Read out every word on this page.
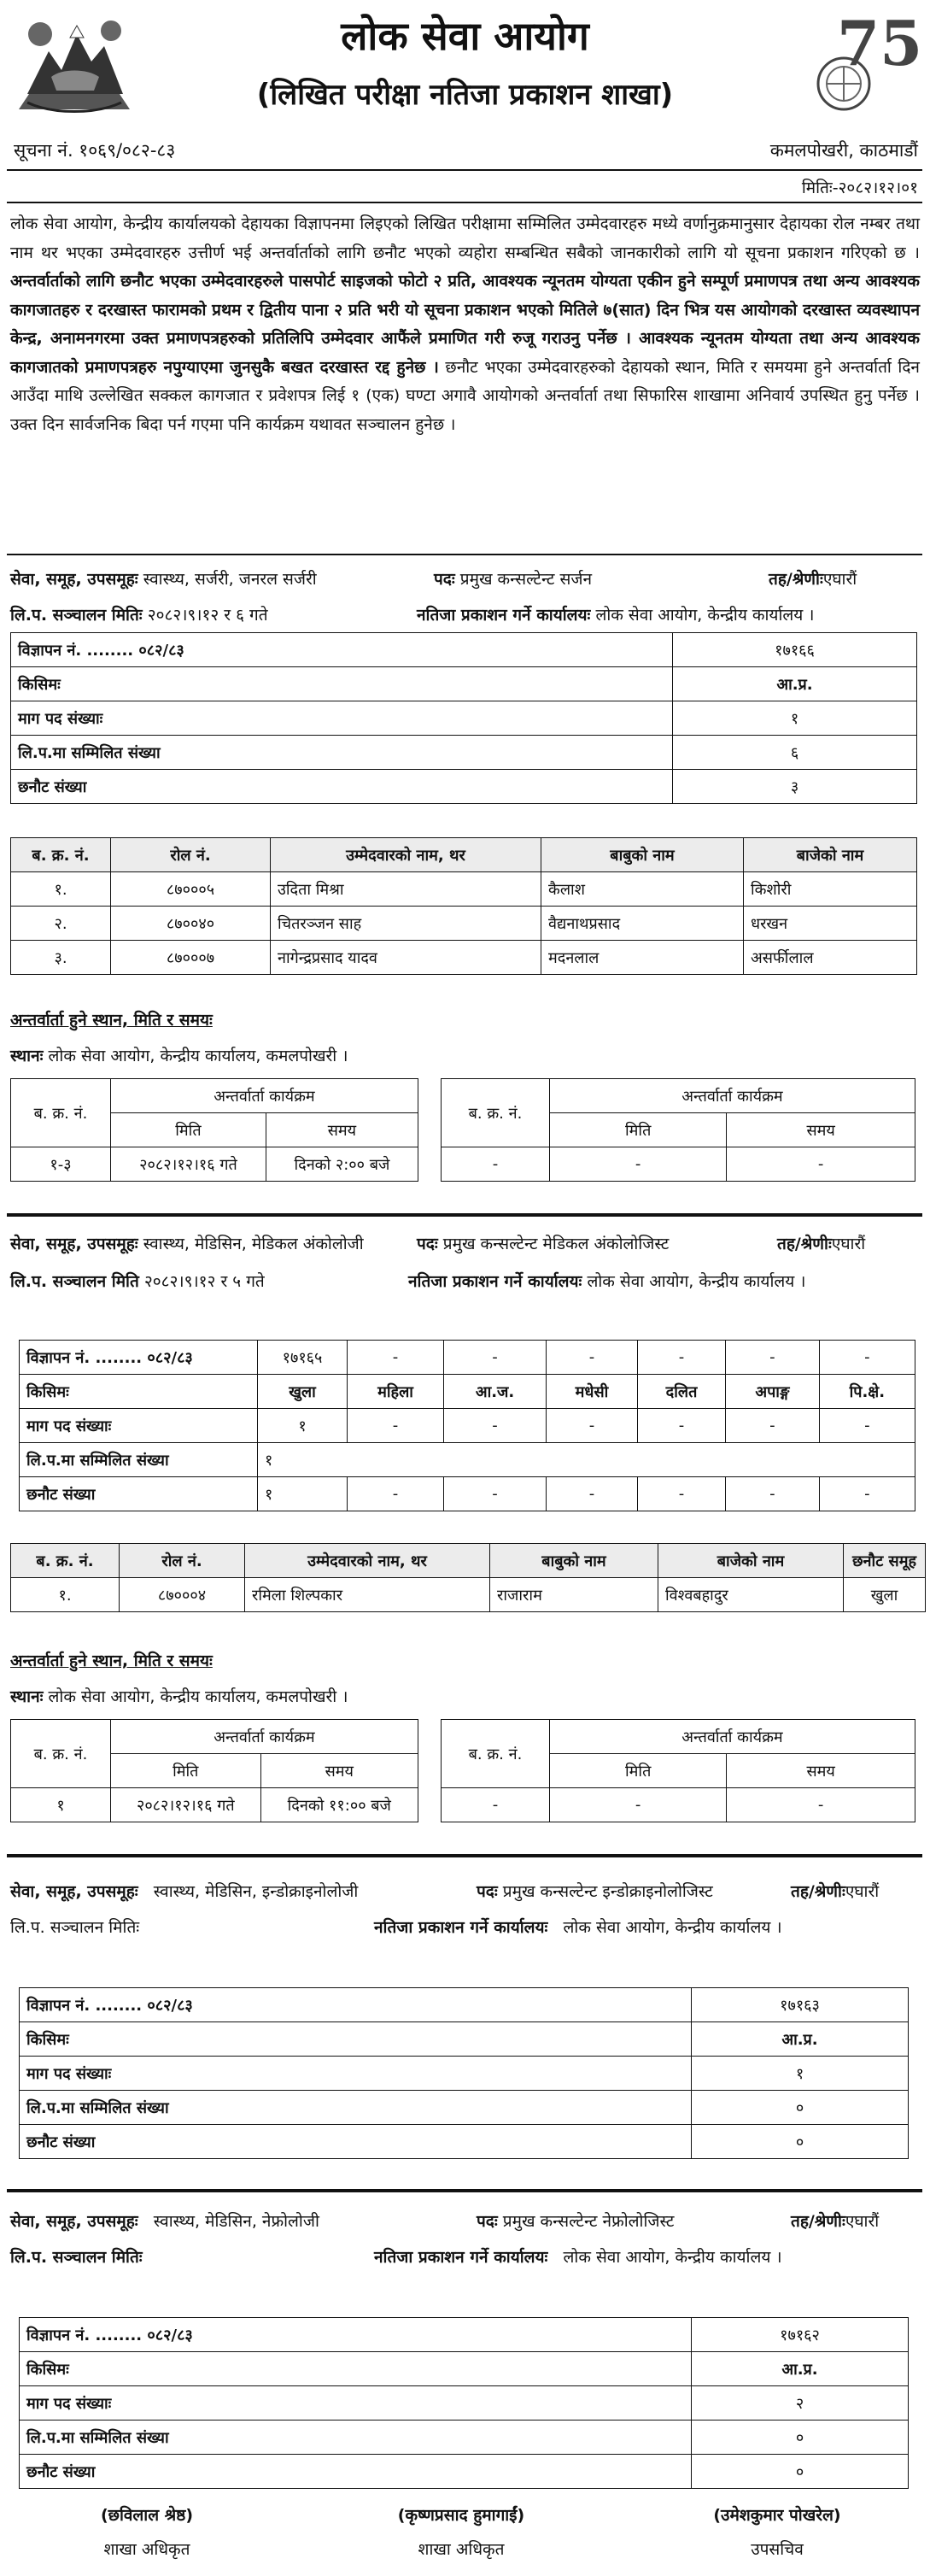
लोक सेवा आयोग
(लिखित परीक्षा नतिजा प्रकाशन शाखा)
75
सूचना नं. १०६९/०८२-८३	कमलपोखरी, काठमाडौं
मितिः-२०८२।१२।०१
लोक सेवा आयोग, केन्द्रीय कार्यालयको देहायका विज्ञापनमा लिइएको लिखित परीक्षामा सम्मिलित उम्मेदवारहरु मध्ये वर्णानुक्रमानुसार देहायका रोल नम्बर तथा नाम थर भएका उम्मेदवारहरु उत्तीर्ण भई अन्तर्वार्ताको लागि छनौट भएको व्यहोरा सम्बन्धित सबैको जानकारीको लागि यो सूचना प्रकाशन गरिएको छ । अन्तर्वार्ताको लागि छनौट भएका उम्मेदवारहरुले पासपोर्ट साइजको फोटो २ प्रति, आवश्यक न्यूनतम योग्यता एकीन हुने सम्पूर्ण प्रमाणपत्र तथा अन्य आवश्यक कागजातहरु र दरखास्त फारामको प्रथम र द्वितीय पाना २ प्रति भरी यो सूचना प्रकाशन भएको मितिले ७(सात) दिन भित्र यस आयोगको दरखास्त व्यवस्थापन केन्द्र, अनामनगरमा उक्त प्रमाणपत्रहरुको प्रतिलिपि उम्मेदवार आफैंले प्रमाणित गरी रुजू गराउनु पर्नेछ । आवश्यक न्यूनतम योग्यता तथा अन्य आवश्यक कागजातको प्रमाणपत्रहरु नपुग्याएमा जुनसुकै बखत दरखास्त रद्द हुनेछ । छनौट भएका उम्मेदवारहरुको देहायको स्थान, मिति र समयमा हुने अन्तर्वार्ता दिन आउँदा माथि उल्लेखित सक्कल कागजात र प्रवेशपत्र लिई १ (एक) घण्टा अगावै आयोगको अन्तर्वार्ता तथा सिफारिस शाखामा अनिवार्य उपस्थित हुनु पर्नेछ । उक्त दिन सार्वजनिक बिदा पर्न गएमा पनि कार्यक्रम यथावत सञ्चालन हुनेछ ।
सेवा, समूह, उपसमूहः स्वास्थ्य, सर्जरी, जनरल सर्जरी	पदः प्रमुख कन्सल्टेन्ट सर्जन	तह/श्रेणीःएघारौं
लि.प. सञ्चालन मितिः २०८२।९।१२ र ६ गते	नतिजा प्रकाशन गर्ने कार्यालयः लोक सेवा आयोग, केन्द्रीय कार्यालय ।
विज्ञापन नं. ........ ०८२/८३	१७१६६
किसिमः	आ.प्र.
माग पद संख्याः	१
लि.प.मा सम्मिलित संख्या	६
छनौट संख्या	३
ब. क्र. नं.	रोल नं.	उम्मेदवारको नाम, थर	बाबुको नाम	बाजेको नाम
१.	८७०००५	उदिता मिश्रा	कैलाश	किशोरी
२.	८७००४०	चितरञ्जन साह	वैद्यनाथप्रसाद	धरखन
३.	८७०००७	नागेन्द्रप्रसाद यादव	मदनलाल	असर्फीलाल
अन्तर्वार्ता हुने स्थान, मिति र समयः
स्थानः लोक सेवा आयोग, केन्द्रीय कार्यालय, कमलपोखरी ।
ब. क्र. नं.	अन्तर्वार्ता कार्यक्रम	
	मिति	समय
१-३	२०८२।१२।१६ गते	दिनको २:०० बजे
ब. क्र. नं.	अन्तर्वार्ता कार्यक्रम	
	मिति	समय
-	-	-
सेवा, समूह, उपसमूहः स्वास्थ्य, मेडिसिन, मेडिकल अंकोलोजी	पदः प्रमुख कन्सल्टेन्ट मेडिकल अंकोलोजिस्ट	तह/श्रेणीःएघारौं
लि.प. सञ्चालन मिति २०८२।९।१२ र ५ गते	नतिजा प्रकाशन गर्ने कार्यालयः लोक सेवा आयोग, केन्द्रीय कार्यालय ।
विज्ञापन नं. ........ ०८२/८३	१७१६५	-	-	-	-	-	-
किसिमः	खुला	महिला	आ.ज.	मधेसी	दलित	अपाङ्ग	पि.क्षे.
माग पद संख्याः	१	-	-	-	-	-	-
लि.प.मा सम्मिलित संख्या	१						
छनौट संख्या	१	-	-	-	-	-	-
ब. क्र. नं.	रोल नं.	उम्मेदवारको नाम, थर	बाबुको नाम	बाजेको नाम	छनौट समूह
१.	८७०००४	रमिला शिल्पकार	राजाराम	विश्वबहादुर	खुला
अन्तर्वार्ता हुने स्थान, मिति र समयः
स्थानः लोक सेवा आयोग, केन्द्रीय कार्यालय, कमलपोखरी ।
ब. क्र. नं.	अन्तर्वार्ता कार्यक्रम	
	मिति	समय
१	२०८२।१२।१६ गते	दिनको ११:०० बजे
ब. क्र. नं.	अन्तर्वार्ता कार्यक्रम	
	मिति	समय
-	-	-
सेवा, समूह, उपसमूहः स्वास्थ्य, मेडिसिन, इन्डोक्राइनोलोजी	पदः प्रमुख कन्सल्टेन्ट इन्डोक्राइनोलोजिस्ट	तह/श्रेणीःएघारौं
लि.प. सञ्चालन मितिः	नतिजा प्रकाशन गर्ने कार्यालयः लोक सेवा आयोग, केन्द्रीय कार्यालय ।
विज्ञापन नं. ........ ०८२/८३	१७१६३
किसिमः	आ.प्र.
माग पद संख्याः	१
लि.प.मा सम्मिलित संख्या	०
छनौट संख्या	०
सेवा, समूह, उपसमूहः स्वास्थ्य, मेडिसिन, नेफ्रोलोजी	पदः प्रमुख कन्सल्टेन्ट नेफ्रोलोजिस्ट	तह/श्रेणीःएघारौं
लि.प. सञ्चालन मितिः	नतिजा प्रकाशन गर्ने कार्यालयः लोक सेवा आयोग, केन्द्रीय कार्यालय ।
विज्ञापन नं. ........ ०८२/८३	१७१६२
किसिमः	आ.प्र.
माग पद संख्याः	२
लि.प.मा सम्मिलित संख्या	०
छनौट संख्या	०
(छविलाल श्रेष्ठ)
शाखा अधिकृत
(कृष्णप्रसाद हुमागाईं)
शाखा अधिकृत
(उमेशकुमार पोखरेल)
उपसचिव
